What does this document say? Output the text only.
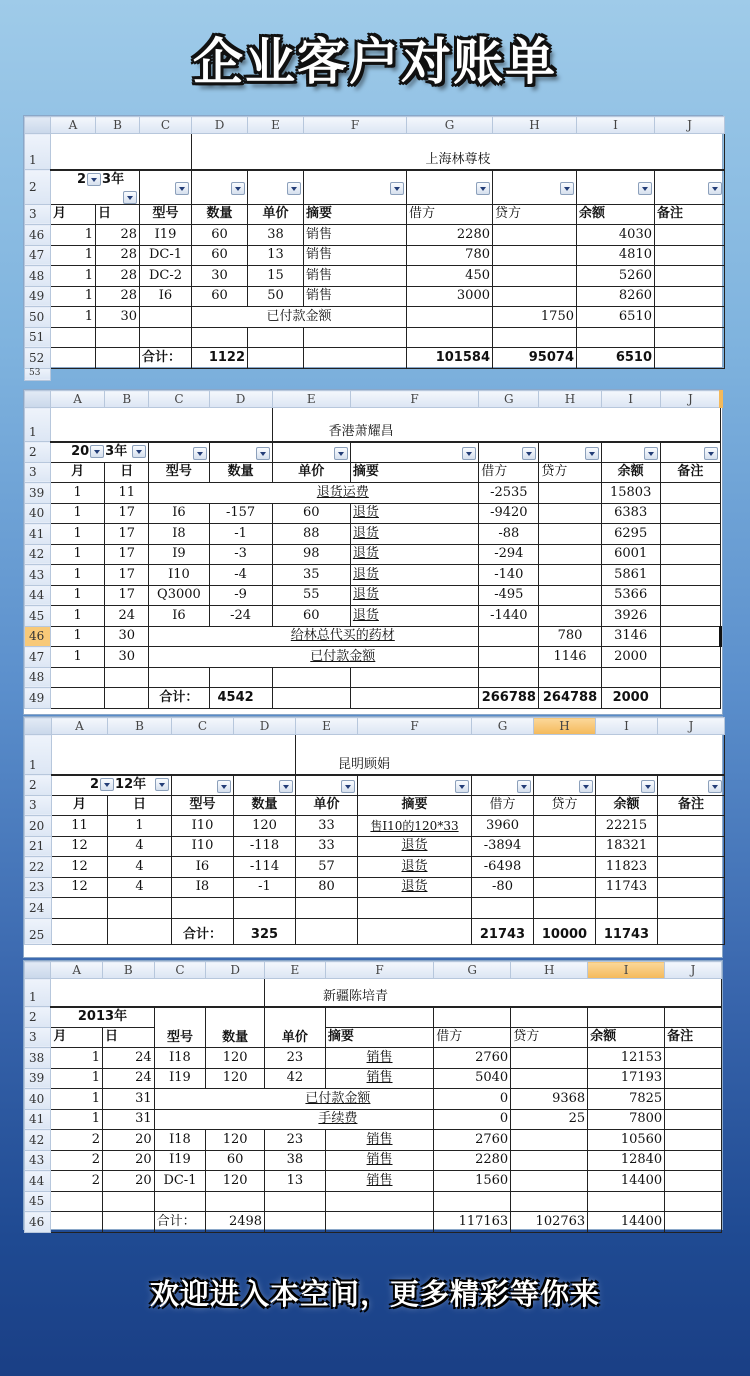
企业客户对账单
	A	B	C	D	E	F	G	H	I	J
1				上海林尊枝						
2	2 3年	

3	月	日	型号	数量	单价	摘要	借方	贷方	余额	备注
46	1	28	I19	60	38	销售	2280		4030	
47	1	28	DC-1	60	13	销售	780		4810	
48	1	28	DC-2	30	15	销售	450		5260	
49	1	28	I6	60	50	销售	3000		8260	
50	1	30		已付款金额				1750	6510	
51										
52			合计：	1122			101584	95074	6510	
53										
	A	B	C	D	E	F	G	H	I	J
1					香港萧耀昌					
2	20 3年	

3	月	日	型号	数量	单价	摘要	借方	贷方	余额	备注
39	1	11	退货运费				-2535		15803	
40	1	17	I6	-157	60	退货	-9420		6383	
41	1	17	I8	-1	88	退货	-88		6295	
42	1	17	I9	-3	98	退货	-294		6001	
43	1	17	I10	-4	35	退货	-140		5861	
44	1	17	Q3000	-9	55	退货	-495		5366	
45	1	24	I6	-24	60	退货	-1440		3926	
46	1	30	给林总代买的药材					780	3146	
47	1	30	已付款金额					1146	2000	
48										
49			合计：	4542			266788	264788	2000	
	A	B	C	D	E	F	G	H	I	J
1					昆明顾娟					
2	2 12年	

3	月	日	型号	数量	单价	摘要	借方	贷方	余额	备注
20	11	1	I10	120	33	售I10的120*33	3960		22215	
21	12	4	I10	-118	33	退货	-3894		18321	
22	12	4	I6	-114	57	退货	-6498		11823	
23	12	4	I8	-1	80	退货	-80		11743	
24										
25			合计：	325			21743	10000	11743	
	A	B	C	D	E	F	G	H	I	J
1					新疆陈培青					
2	2013年		型号	数量	单价					
3	月	日				摘要	借方	贷方	余额	备注
38	1	24	I18	120	23	销售	2760		12153	
39	1	24	I19	120	42	销售	5040		17193	
40	1	31	已付款金额				0	9368	7825	
41	1	31	手续费				0	25	7800	
42	2	20	I18	120	23	销售	2760		10560	
43	2	20	I19	60	38	销售	2280		12840	
44	2	20	DC-1	120	13	销售	1560		14400	
45										
46			合计：	2498			117163	102763	14400	
欢迎进入本空间，更多精彩等你来
